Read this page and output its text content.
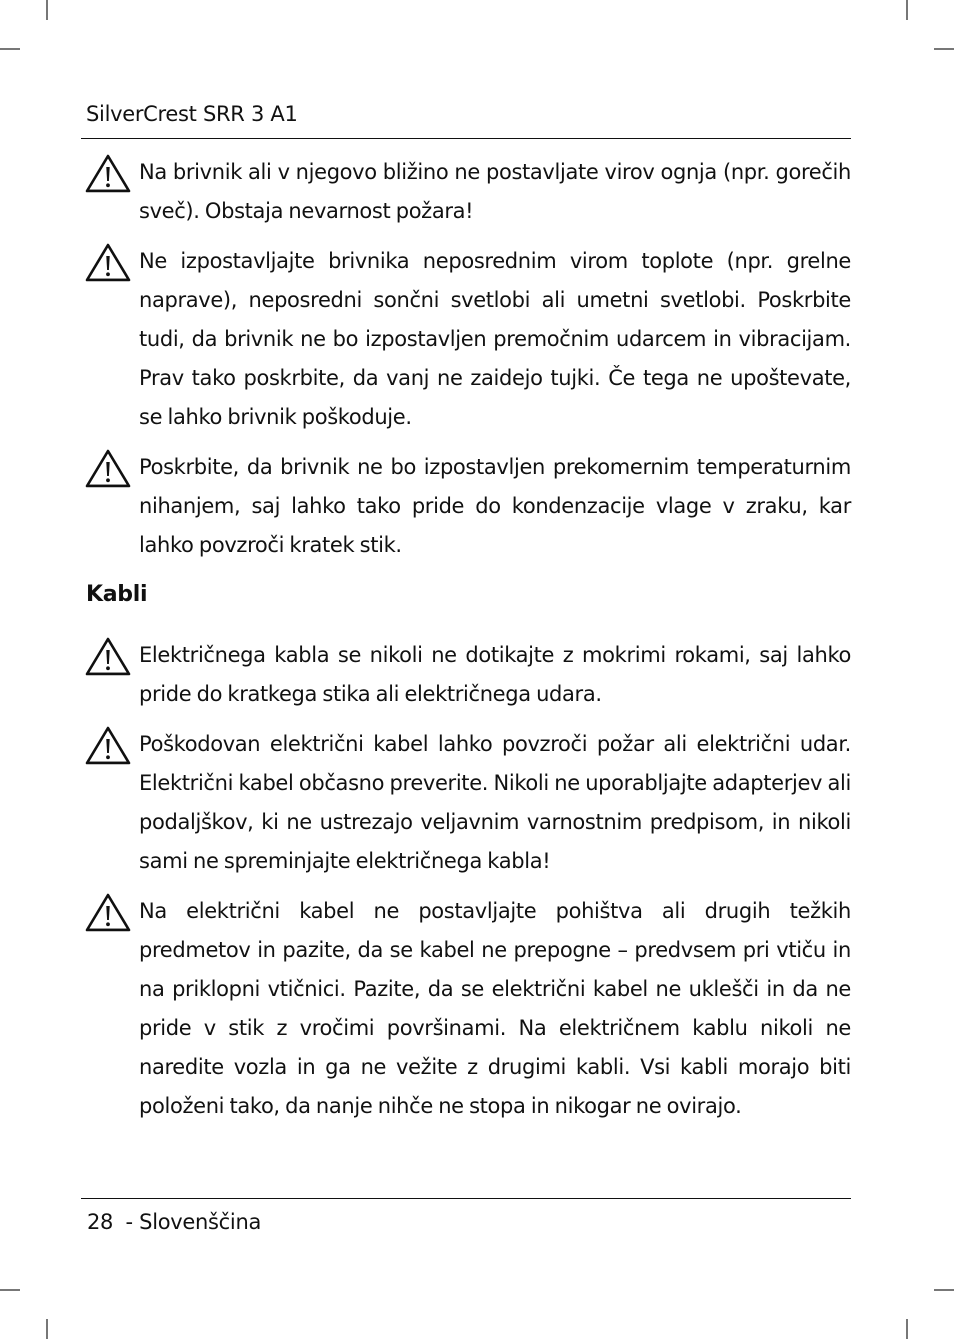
SilverCrest SRR 3 A1
Na brivnik ali v njegovo bližino ne postavljate virov ognja (npr. gorečih sveč). Obstaja nevarnost požara!
Ne izpostavljajte brivnika neposrednim virom toplote (npr. grelne naprave), neposredni sončni svetlobi ali umetni svetlobi. Poskrbite tudi, da brivnik ne bo izpostavljen premočnim udarcem in vibracijam. Prav tako poskrbite, da vanj ne zaidejo tujki. Če tega ne upoštevate, se lahko brivnik poškoduje.
Poskrbite, da brivnik ne bo izpostavljen prekomernim temperaturnim nihanjem, saj lahko tako pride do kondenzacije vlage v zraku, kar lahko povzroči kratek stik.
Kabli
Električnega kabla se nikoli ne dotikajte z mokrimi rokami, saj lahko pride do kratkega stika ali električnega udara.
Poškodovan električni kabel lahko povzroči požar ali električni udar. Električni kabel občasno preverite. Nikoli ne uporabljajte adapterjev ali podaljškov, ki ne ustrezajo veljavnim varnostnim predpisom, in nikoli sami ne spreminjajte električnega kabla!
Na električni kabel ne postavljajte pohištva ali drugih težkih predmetov in pazite, da se kabel ne prepogne – predvsem pri vtiču in na priklopni vtičnici. Pazite, da se električni kabel ne uklešči in da ne pride v stik z vročimi površinami. Na električnem kablu nikoli ne naredite vozla in ga ne vežite z drugimi kabli. Vsi kabli morajo biti položeni tako, da nanje nihče ne stopa in nikogar ne ovirajo.
28 - Slovenščina
